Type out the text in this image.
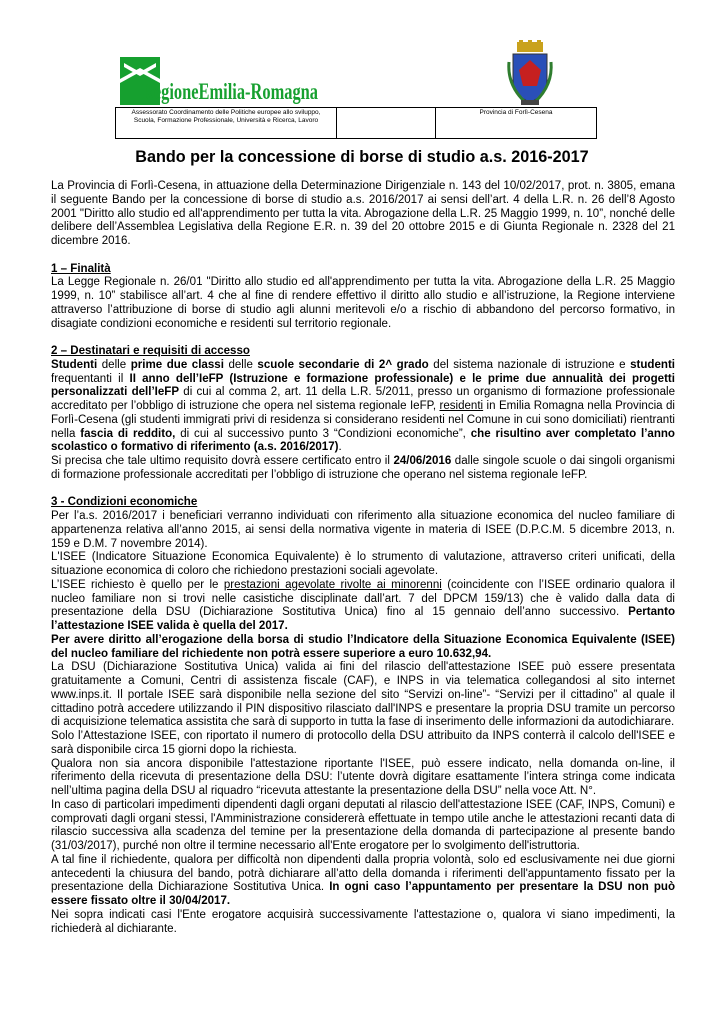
RegioneEmilia-Romagna
Assessorato Coordinamento delle Politiche europee allo sviluppo, Scuola, Formazione Professionale, Università e Ricerca, Lavoro		Provincia di Forlì-Cesena
Bando per la concessione di borse di studio a.s. 2016-2017

La Provincia di Forlì-Cesena, in attuazione della Determinazione Dirigenziale n. 143 del 10/02/2017, prot. n. 3805, emana il seguente Bando per la concessione di borse di studio a.s. 2016/2017 ai sensi dell’art. 4 della L.R. n. 26 dell’8 Agosto 2001 "Diritto allo studio ed all'apprendimento per tutta la vita. Abrogazione della L.R. 25 Maggio 1999, n. 10”, nonché delle delibere dell’Assemblea Legislativa della Regione E.R. n. 39 del 20 ottobre 2015 e di Giunta Regionale n. 2328 del 21 dicembre 2016.

1 – Finalità

La Legge Regionale n. 26/01 "Diritto allo studio ed all'apprendimento per tutta la vita. Abrogazione della L.R. 25 Maggio 1999, n. 10” stabilisce all’art. 4 che al fine di rendere effettivo il diritto allo studio e all’istruzione, la Regione interviene attraverso l’attribuzione di borse di studio agli alunni meritevoli e/o a rischio di abbandono del percorso formativo, in disagiate condizioni economiche e residenti sul territorio regionale.

2 – Destinatari e requisiti di accesso

Studenti delle prime due classi delle scuole secondarie di 2^ grado del sistema nazionale di istruzione e studenti frequentanti il II anno dell’IeFP (Istruzione e formazione professionale) e le prime due annualità dei progetti personalizzati dell’IeFP di cui al comma 2, art. 11 della L.R. 5/2011, presso un organismo di formazione professionale accreditato per l’obbligo di istruzione che opera nel sistema regionale IeFP, residenti in Emilia Romagna nella Provincia di Forlì-Cesena (gli studenti immigrati privi di residenza si considerano residenti nel Comune in cui sono domiciliati) rientranti nella fascia di reddito, di cui al successivo punto 3 “Condizioni economiche”, che risultino aver completato l’anno scolastico o formativo di riferimento (a.s. 2016/2017).

Si precisa che tale ultimo requisito dovrà essere certificato entro il 24/06/2016 dalle singole scuole o dai singoli organismi di formazione professionale accreditati per l’obbligo di istruzione che operano nel sistema regionale IeFP.

3 - Condizioni economiche

Per l’a.s. 2016/2017 i beneficiari verranno individuati con riferimento alla situazione economica del nucleo familiare di appartenenza relativa all’anno 2015, ai sensi della normativa vigente in materia di ISEE (D.P.C.M. 5 dicembre 2013, n. 159 e D.M. 7 novembre 2014).

L'ISEE (Indicatore Situazione Economica Equivalente) è lo strumento di valutazione, attraverso criteri unificati, della situazione economica di coloro che richiedono prestazioni sociali agevolate.

L’ISEE richiesto è quello per le prestazioni agevolate rivolte ai minorenni (coincidente con l’ISEE ordinario qualora il nucleo familiare non si trovi nelle casistiche disciplinate dall’art. 7 del DPCM 159/13) che è valido dalla data di presentazione della DSU (Dichiarazione Sostitutiva Unica) fino al 15 gennaio dell’anno successivo. Pertanto l’attestazione ISEE valida è quella del 2017.

Per avere diritto all’erogazione della borsa di studio l’Indicatore della Situazione Economica Equivalente (ISEE) del nucleo familiare del richiedente non potrà essere superiore a euro 10.632,94.

La DSU (Dichiarazione Sostitutiva Unica) valida ai fini del rilascio dell'attestazione ISEE può essere presentata gratuitamente a Comuni, Centri di assistenza fiscale (CAF), e INPS in via telematica collegandosi al sito internet www.inps.it. Il portale ISEE sarà disponibile nella sezione del sito “Servizi on-line”- “Servizi per il cittadino” al quale il cittadino potrà accedere utilizzando il PIN dispositivo rilasciato dall'INPS e presentare la propria DSU tramite un percorso di acquisizione telematica assistita che sarà di supporto in tutta la fase di inserimento delle informazioni da autodichiarare.

Solo l’Attestazione ISEE, con riportato il numero di protocollo della DSU attribuito da INPS conterrà il calcolo dell'ISEE e sarà disponibile circa 15 giorni dopo la richiesta.

Qualora non sia ancora disponibile l'attestazione riportante l'ISEE, può essere indicato, nella domanda on-line, il riferimento della ricevuta di presentazione della DSU: l’utente dovrà digitare esattamente l’intera stringa come indicata nell’ultima pagina della DSU al riquadro “ricevuta attestante la presentazione della DSU” nella voce Att. N°.

In caso di particolari impedimenti dipendenti dagli organi deputati al rilascio dell'attestazione ISEE (CAF, INPS, Comuni) e comprovati dagli organi stessi, l'Amministrazione considererà effettuate in tempo utile anche le attestazioni recanti data di rilascio successiva alla scadenza del temine per la presentazione della domanda di partecipazione al presente bando (31/03/2017), purché non oltre il termine necessario all'Ente erogatore per lo svolgimento dell'istruttoria.

A tal fine il richiedente, qualora per difficoltà non dipendenti dalla propria volontà, solo ed esclusivamente nei due giorni antecedenti la chiusura del bando, potrà dichiarare all’atto della domanda i riferimenti dell'appuntamento fissato per la presentazione della Dichiarazione Sostitutiva Unica. In ogni caso l’appuntamento per presentare la DSU non può essere fissato oltre il 30/04/2017.

Nei sopra indicati casi l'Ente erogatore acquisirà successivamente l'attestazione o, qualora vi siano impedimenti, la richiederà al dichiarante.
